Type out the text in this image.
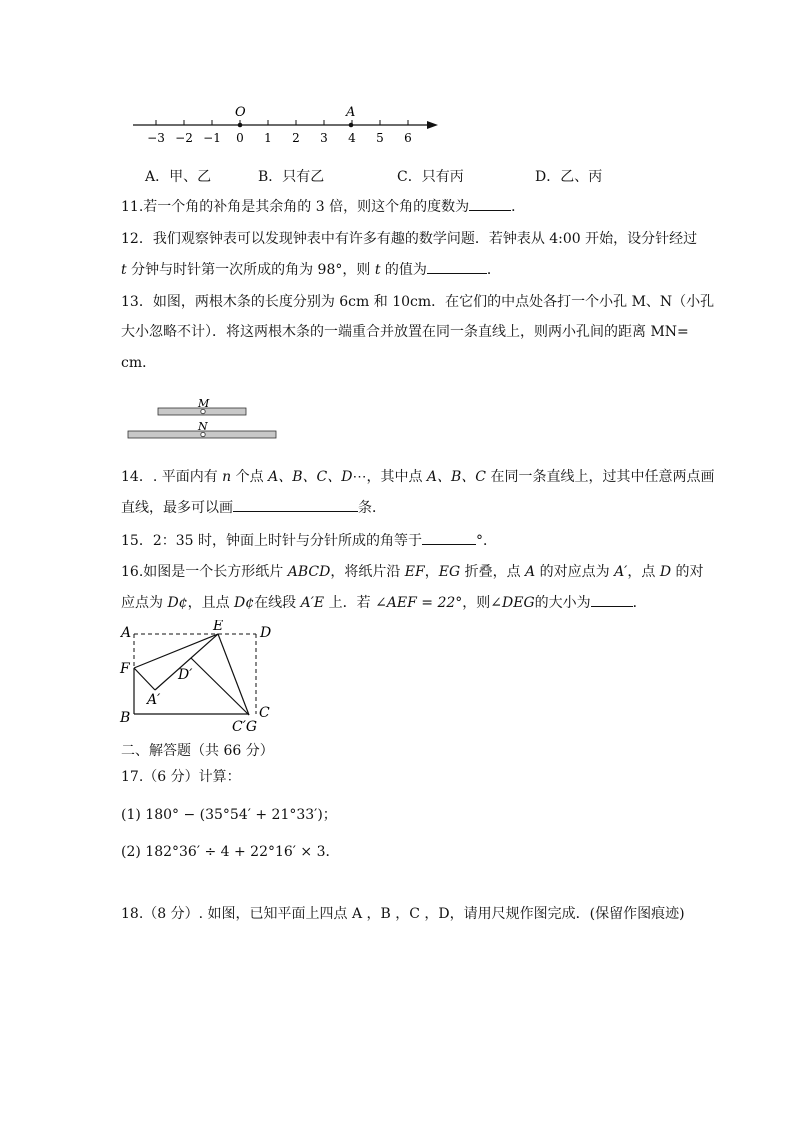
−3 −2 −1 0 1 2 3 4 5 6
O	A
A．甲、乙	B．只有乙	C．只有丙	D．乙、丙
11.若一个角的补角是其余角的 3 倍，则这个角的度数为	．
12．我们观察钟表可以发现钟表中有许多有趣的数学问题．若钟表从 4:00 开始，设分针经过
t 分钟与时针第一次所成的角为 98°，则 t 的值为	．
13．如图，两根木条的长度分别为 6cm 和 10cm．在它们的中点处各打一个小孔 M、N（小孔
大小忽略不计）．将这两根木条的一端重合并放置在同一条直线上，则两小孔间的距离 MN=
cm．
M
N
14．. 平面内有 n 个点 A、B、C、D⋯，其中点 A、B、C 在同一条直线上，过其中任意两点画
直线，最多可以画	条．
15．2：35 时，钟面上时针与分针所成的角等于	°．
16.如图是一个长方形纸片 ABCD，将纸片沿 EF，EG 折叠，点 A 的对应点为 A′，点 D 的对
应点为 D¢，且点 D¢在线段 A′E 上．若 ∠AEF = 22°，则∠DEG的大小为	．
A	E	D
F	D′
A′
B
C′G
C
二、解答题（共 66 分）
17.（6 分）计算：
(1) 180° − (35°54′ + 21°33′)；
(2) 182°36′ ÷ 4 + 22°16′ × 3．
18.（8 分）. 如图，已知平面上四点 A ，B ，C ，D，请用尺规作图完成．(保留作图痕迹)
